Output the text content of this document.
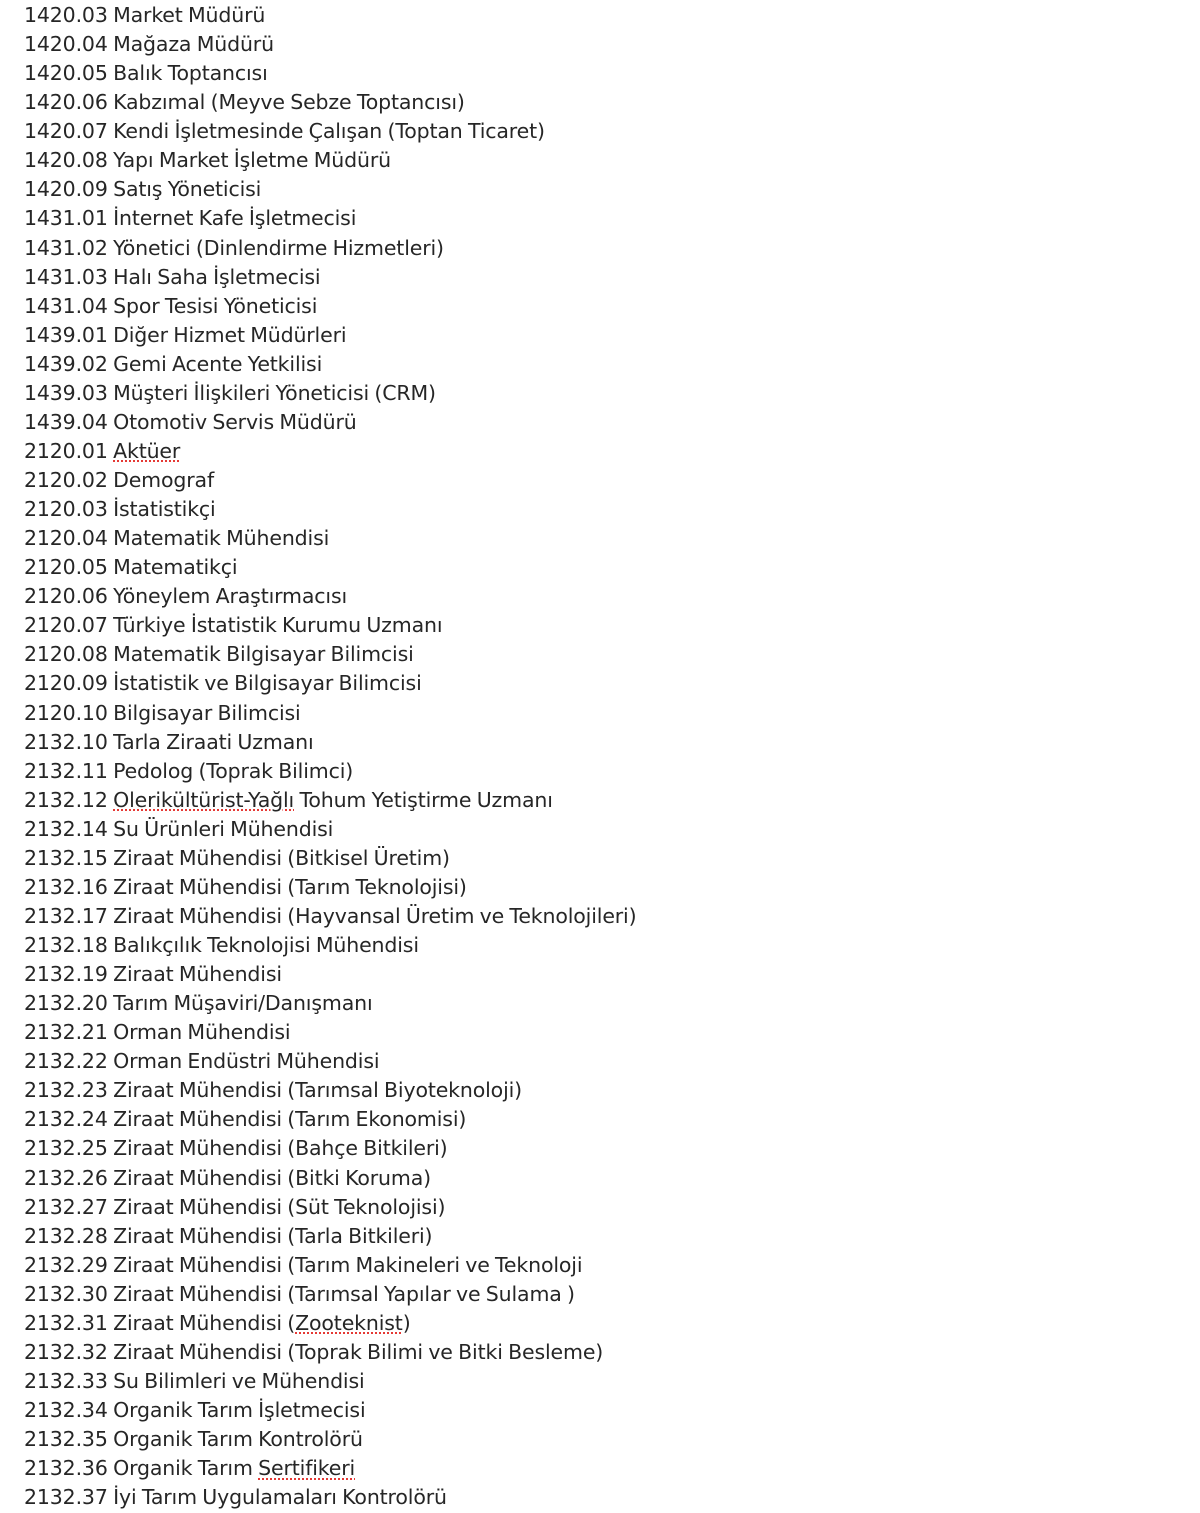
1420.03 Market Müdürü
1420.04 Mağaza Müdürü
1420.05 Balık Toptancısı
1420.06 Kabzımal (Meyve Sebze Toptancısı)
1420.07 Kendi İşletmesinde Çalışan (Toptan Ticaret)
1420.08 Yapı Market İşletme Müdürü
1420.09 Satış Yöneticisi
1431.01 İnternet Kafe İşletmecisi
1431.02 Yönetici (Dinlendirme Hizmetleri)
1431.03 Halı Saha İşletmecisi
1431.04 Spor Tesisi Yöneticisi
1439.01 Diğer Hizmet Müdürleri
1439.02 Gemi Acente Yetkilisi
1439.03 Müşteri İlişkileri Yöneticisi (CRM)
1439.04 Otomotiv Servis Müdürü
2120.01 Aktüer
2120.02 Demograf
2120.03 İstatistikçi
2120.04 Matematik Mühendisi
2120.05 Matematikçi
2120.06 Yöneylem Araştırmacısı
2120.07 Türkiye İstatistik Kurumu Uzmanı
2120.08 Matematik Bilgisayar Bilimcisi
2120.09 İstatistik ve Bilgisayar Bilimcisi
2120.10 Bilgisayar Bilimcisi
2132.10 Tarla Ziraati Uzmanı
2132.11 Pedolog (Toprak Bilimci)
2132.12 Olerikültürist-Yağlı Tohum Yetiştirme Uzmanı
2132.14 Su Ürünleri Mühendisi
2132.15 Ziraat Mühendisi (Bitkisel Üretim)
2132.16 Ziraat Mühendisi (Tarım Teknolojisi)
2132.17 Ziraat Mühendisi (Hayvansal Üretim ve Teknolojileri)
2132.18 Balıkçılık Teknolojisi Mühendisi
2132.19 Ziraat Mühendisi
2132.20 Tarım Müşaviri/Danışmanı
2132.21 Orman Mühendisi
2132.22 Orman Endüstri Mühendisi
2132.23 Ziraat Mühendisi (Tarımsal Biyoteknoloji)
2132.24 Ziraat Mühendisi (Tarım Ekonomisi)
2132.25 Ziraat Mühendisi (Bahçe Bitkileri)
2132.26 Ziraat Mühendisi (Bitki Koruma)
2132.27 Ziraat Mühendisi (Süt Teknolojisi)
2132.28 Ziraat Mühendisi (Tarla Bitkileri)
2132.29 Ziraat Mühendisi (Tarım Makineleri ve Teknoloji
2132.30 Ziraat Mühendisi (Tarımsal Yapılar ve Sulama )
2132.31 Ziraat Mühendisi (Zooteknist)
2132.32 Ziraat Mühendisi (Toprak Bilimi ve Bitki Besleme)
2132.33 Su Bilimleri ve Mühendisi
2132.34 Organik Tarım İşletmecisi
2132.35 Organik Tarım Kontrolörü
2132.36 Organik Tarım Sertifikeri
2132.37 İyi Tarım Uygulamaları Kontrolörü
